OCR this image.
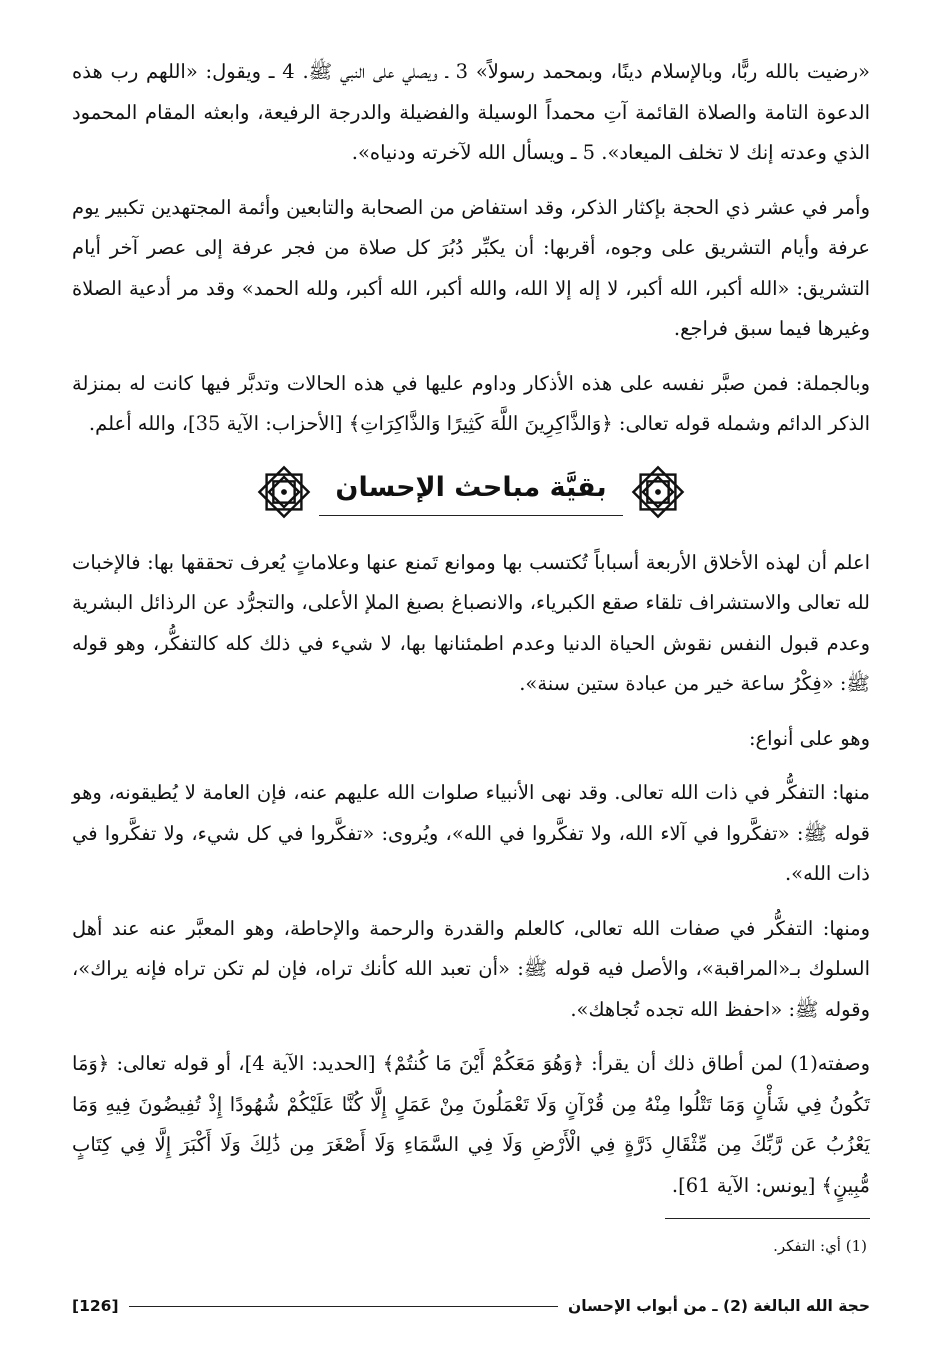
«رضيت بالله ربًّا، وبالإسلام دينًا، وبمحمد رسولاً» 3 ـ ويصلي على النبي ﷺ. 4 ـ ويقول: «اللهم رب هذه الدعوة التامة والصلاة القائمة آتِ محمداً الوسيلة والفضيلة والدرجة الرفيعة، وابعثه المقام المحمود الذي وعدته إنك لا تخلف الميعاد». 5 ـ ويسأل الله لآخرته ودنياه».

وأمر في عشر ذي الحجة بإكثار الذكر، وقد استفاض من الصحابة والتابعين وأئمة المجتهدين تكبير يوم عرفة وأيام التشريق على وجوه، أقربها: أن يكبِّر دُبُرَ كل صلاة من فجر عرفة إلى عصر آخر أيام التشريق: «الله أكبر، الله أكبر، لا إله إلا الله، والله أكبر، الله أكبر، ولله الحمد» وقد مر أدعية الصلاة وغيرها فيما سبق فراجع.

وبالجملة: فمن صبَّر نفسه على هذه الأذكار وداوم عليها في هذه الحالات وتدبَّر فيها كانت له بمنزلة الذكر الدائم وشمله قوله تعالى: ﴿وَالذَّاكِرِينَ اللَّهَ كَثِيرًا وَالذَّاكِرَاتِ﴾ [الأحزاب: الآية 35]، والله أعلم.

بقيَّة مباحث الإحسان

اعلم أن لهذه الأخلاق الأربعة أسباباً تُكتسب بها وموانع تَمنع عنها وعلاماتٍ يُعرف تحققها بها: فالإخبات لله تعالى والاستشراف تلقاء صقع الكبرياء، والانصباغ بصبغ الملإ الأعلى، والتجرُّد عن الرذائل البشرية وعدم قبول النفس نقوش الحياة الدنيا وعدم اطمئنانها بها، لا شيء في ذلك كله كالتفكُّر، وهو قوله ﷺ: «فِكْرُ ساعة خير من عبادة ستين سنة».

وهو على أنواع:

منها: التفكُّر في ذات الله تعالى. وقد نهى الأنبياء صلوات الله عليهم عنه، فإن العامة لا يُطيقونه، وهو قوله ﷺ: «تفكَّروا في آلاء الله، ولا تفكَّروا في الله»، ويُروى: «تفكَّروا في كل شيء، ولا تفكَّروا في ذات الله».

ومنها: التفكُّر في صفات الله تعالى، كالعلم والقدرة والرحمة والإحاطة، وهو المعبَّر عنه عند أهل السلوك بـ«المراقبة»، والأصل فيه قوله ﷺ: «أن تعبد الله كأنك تراه، فإن لم تكن تراه فإنه يراك»، وقوله ﷺ: «احفظ الله تجده تُجاهك».

وصفته(1) لمن أطاق ذلك أن يقرأ: ﴿وَهُوَ مَعَكُمْ أَيْنَ مَا كُنتُمْ﴾ [الحديد: الآية 4]، أو قوله تعالى: ﴿وَمَا تَكُونُ فِي شَأْنٍ وَمَا تَتْلُوا مِنْهُ مِن قُرْآنٍ وَلَا تَعْمَلُونَ مِنْ عَمَلٍ إِلَّا كُنَّا عَلَيْكُمْ شُهُودًا إِذْ تُفِيضُونَ فِيهِ وَمَا يَعْزُبُ عَن رَّبِّكَ مِن مِّثْقَالِ ذَرَّةٍ فِي الْأَرْضِ وَلَا فِي السَّمَاءِ وَلَا أَصْغَرَ مِن ذَٰلِكَ وَلَا أَكْبَرَ إِلَّا فِي كِتَابٍ مُّبِينٍ﴾ [يونس: الآية 61].

(1) أي: التفكر.
حجة الله البالغة (2) ـ من أبواب الإحسان
[126]
